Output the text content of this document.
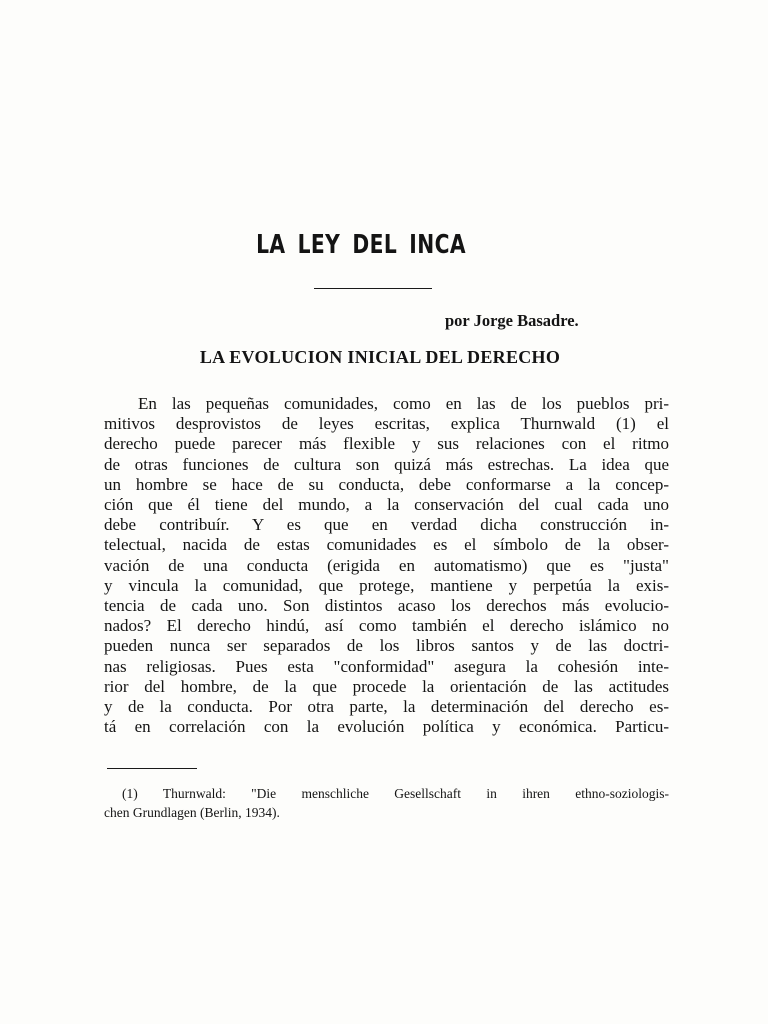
LA LEY DEL INCA
por Jorge Basadre.
LA EVOLUCION INICIAL DEL DERECHO
En las pequeñas comunidades, como en las de los pueblos pri-
mitivos desprovistos de leyes escritas, explica Thurnwald (1) el
derecho puede parecer más flexible y sus relaciones con el ritmo
de otras funciones de cultura son quizá más estrechas. La idea que
un hombre se hace de su conducta, debe conformarse a la concep-
ción que él tiene del mundo, a la conservación del cual cada uno
debe contribuír. Y es que en verdad dicha construcción in-
telectual, nacida de estas comunidades es el símbolo de la obser-
vación de una conducta (erigida en automatismo) que es "justa"
y vincula la comunidad, que protege, mantiene y perpetúa la exis-
tencia de cada uno. Son distintos acaso los derechos más evolucio-
nados? El derecho hindú, así como también el derecho islámico no
pueden nunca ser separados de los libros santos y de las doctri-
nas religiosas. Pues esta "conformidad" asegura la cohesión inte-
rior del hombre, de la que procede la orientación de las actitudes
y de la conducta. Por otra parte, la determinación del derecho es-
tá en correlación con la evolución política y económica. Particu-
(1) Thurnwald: "Die menschliche Gesellschaft in ihren ethno-soziologis-
chen Grundlagen (Berlin, 1934).
